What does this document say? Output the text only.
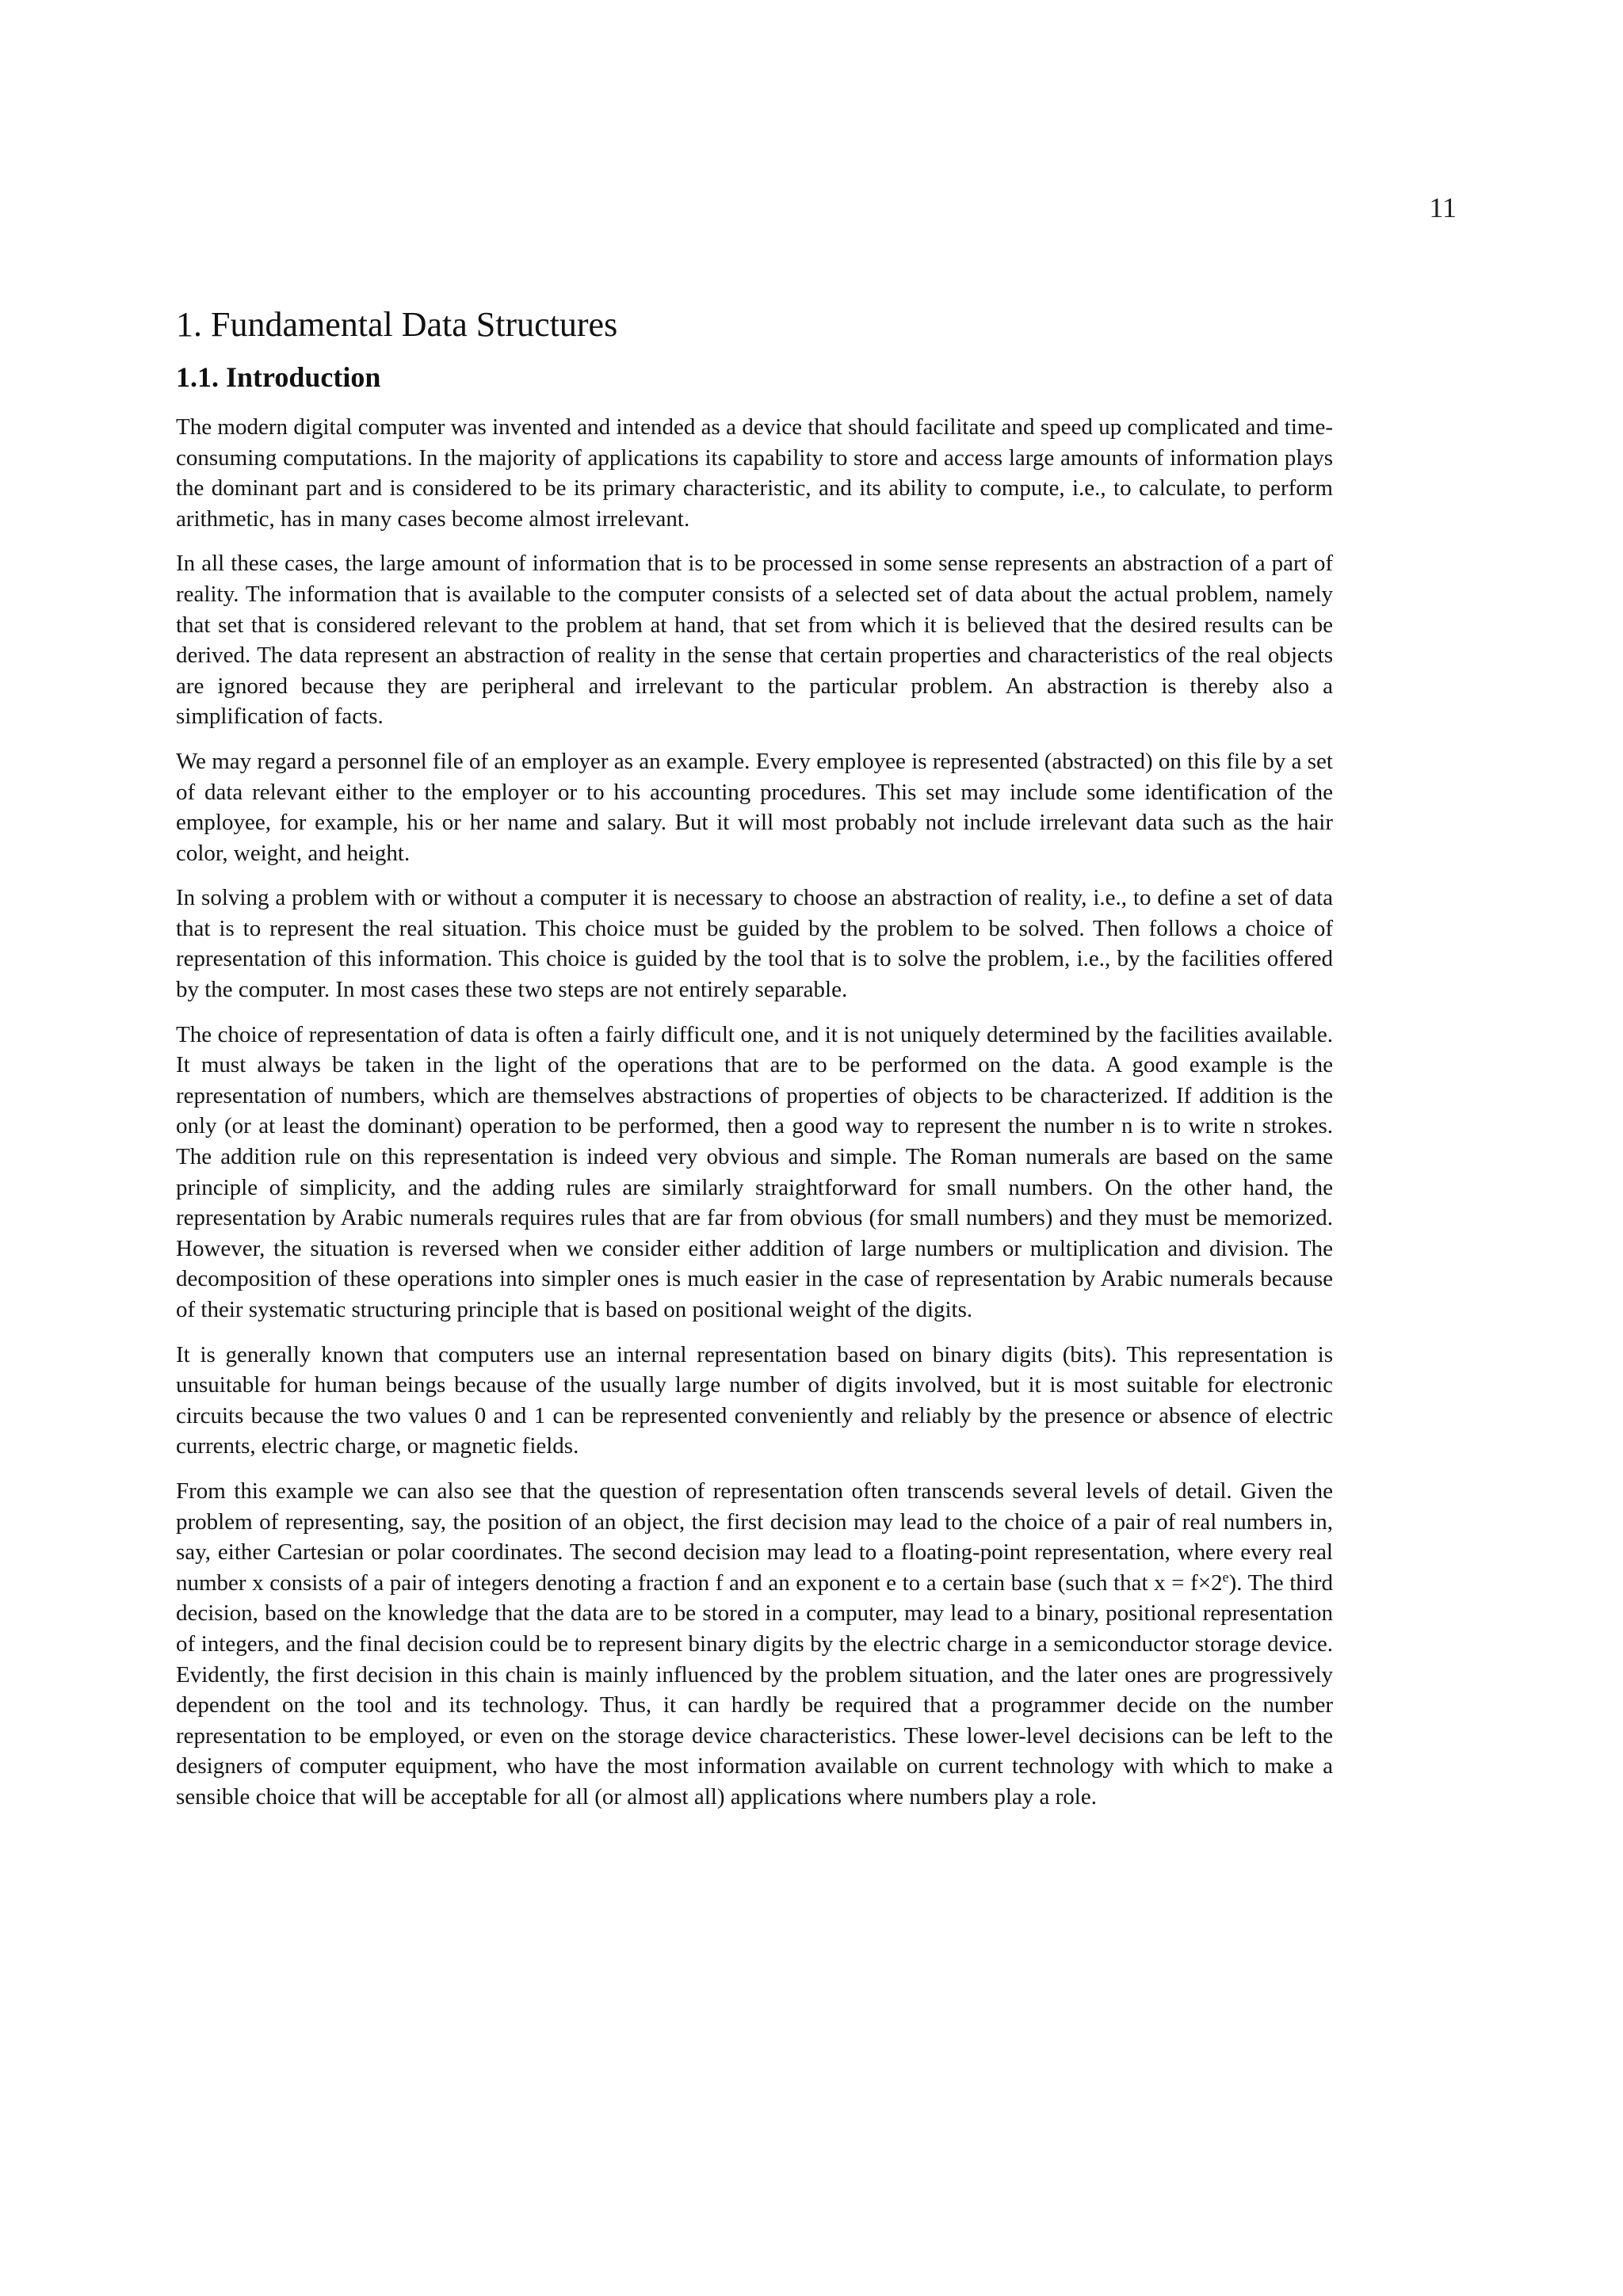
11
1. Fundamental Data Structures
1.1. Introduction

The modern digital computer was invented and intended as a device that should facilitate and speed up complicated and time-consuming computations. In the majority of applications its capability to store and access large amounts of information plays the dominant part and is considered to be its primary characteristic, and its ability to compute, i.e., to calculate, to perform arithmetic, has in many cases become almost irrelevant.

In all these cases, the large amount of information that is to be processed in some sense represents an abstraction of a part of reality. The information that is available to the computer consists of a selected set of data about the actual problem, namely that set that is considered relevant to the problem at hand, that set from which it is believed that the desired results can be derived. The data represent an abstraction of reality in the sense that certain properties and characteristics of the real objects are ignored because they are peripheral and irrelevant to the particular problem. An abstraction is thereby also a simplification of facts.

We may regard a personnel file of an employer as an example. Every employee is represented (abstracted) on this file by a set of data relevant either to the employer or to his accounting procedures. This set may include some identification of the employee, for example, his or her name and salary. But it will most probably not include irrelevant data such as the hair color, weight, and height.

In solving a problem with or without a computer it is necessary to choose an abstraction of reality, i.e., to define a set of data that is to represent the real situation. This choice must be guided by the problem to be solved. Then follows a choice of representation of this information. This choice is guided by the tool that is to solve the problem, i.e., by the facilities offered by the computer. In most cases these two steps are not entirely separable.

The choice of representation of data is often a fairly difficult one, and it is not uniquely determined by the facilities available. It must always be taken in the light of the operations that are to be performed on the data. A good example is the representation of numbers, which are themselves abstractions of properties of objects to be characterized. If addition is the only (or at least the dominant) operation to be performed, then a good way to represent the number n is to write n strokes. The addition rule on this representation is indeed very obvious and simple. The Roman numerals are based on the same principle of simplicity, and the adding rules are similarly straightforward for small numbers. On the other hand, the representation by Arabic numerals requires rules that are far from obvious (for small numbers) and they must be memorized. However, the situation is reversed when we consider either addition of large numbers or multiplication and division. The decomposition of these operations into simpler ones is much easier in the case of representation by Arabic numerals because of their systematic structuring principle that is based on positional weight of the digits.

It is generally known that computers use an internal representation based on binary digits (bits). This representation is unsuitable for human beings because of the usually large number of digits involved, but it is most suitable for electronic circuits because the two values 0 and 1 can be represented conveniently and reliably by the presence or absence of electric currents, electric charge, or magnetic fields.

From this example we can also see that the question of representation often transcends several levels of detail. Given the problem of representing, say, the position of an object, the first decision may lead to the choice of a pair of real numbers in, say, either Cartesian or polar coordinates. The second decision may lead to a floating-point representation, where every real number x consists of a pair of integers denoting a fraction f and an exponent e to a certain base (such that $x = f\times 2^e$). The third decision, based on the knowledge that the data are to be stored in a computer, may lead to a binary, positional representation of integers, and the final decision could be to represent binary digits by the electric charge in a semiconductor storage device. Evidently, the first decision in this chain is mainly influenced by the problem situation, and the later ones are progressively dependent on the tool and its technology. Thus, it can hardly be required that a programmer decide on the number representation to be employed, or even on the storage device characteristics. These lower-level decisions can be left to the designers of computer equipment, who have the most information available on current technology with which to make a sensible choice that will be acceptable for all (or almost all) applications where numbers play a role.
